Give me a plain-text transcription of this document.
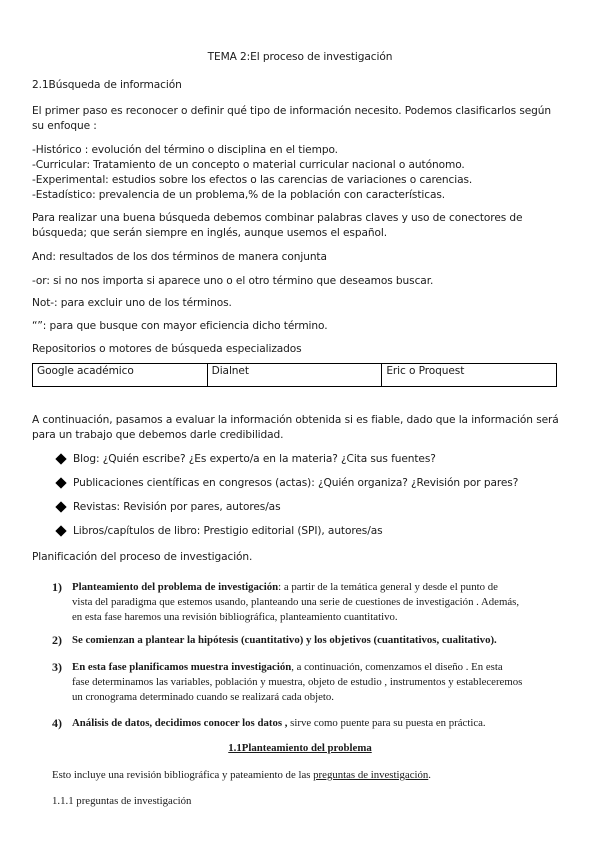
TEMA 2:El proceso de investigación

2.1Búsqueda de información

El primer paso es reconocer o definir qué tipo de información necesito. Podemos clasificarlos según

su enfoque :

-Histórico : evolución del término o disciplina en el tiempo.

-Curricular: Tratamiento de un concepto o material curricular nacional o autónomo.

-Experimental: estudios sobre los efectos o las carencias de variaciones o carencias.

-Estadístico: prevalencia de un problema,% de la población con características.

Para realizar una buena búsqueda debemos combinar palabras claves y uso de conectores de

búsqueda; que serán siempre en inglés, aunque usemos el español.

And: resultados de los dos términos de manera conjunta

-or: si no nos importa si aparece uno o el otro término que deseamos buscar.

Not-: para excluir uno de los términos.

“”: para que busque con mayor eficiencia dicho término.

Repositorios o motores de búsqueda especializados

Google académico	Dialnet	Eric o Proquest

A continuación, pasamos a evaluar la información obtenida si es fiable, dado que la información será

para un trabajo que debemos darle credibilidad.

Blog: ¿Quién escribe? ¿Es experto/a en la materia? ¿Cita sus fuentes?
Publicaciones científicas en congresos (actas): ¿Quién organiza? ¿Revisión por pares?
Revistas: Revisión por pares, autores/as
Libros/capítulos de libro: Prestigio editorial (SPI), autores/as

Planificación del proceso de investigación.

1) Planteamiento del problema de investigación: a partir de la temática general y desde el punto de

vista del paradigma que estemos usando, planteando una serie de cuestiones de investigación . Además,

en esta fase haremos una revisión bibliográfica, planteamiento cuantitativo.

2) Se comienzan a plantear la hipótesis (cuantitativo) y los objetivos (cuantitativos, cualitativo).

3) En esta fase planificamos muestra investigación, a continuación, comenzamos el diseño . En esta

fase determinamos las variables, población y muestra, objeto de estudio , instrumentos y estableceremos

un cronograma determinado cuando se realizará cada objeto.

4) Análisis de datos, decidimos conocer los datos , sirve como puente para su puesta en práctica.

1.1Planteamiento del problema

Esto incluye una revisión bibliográfica y pateamiento de las preguntas de investigación.

1.1.1 preguntas de investigación
